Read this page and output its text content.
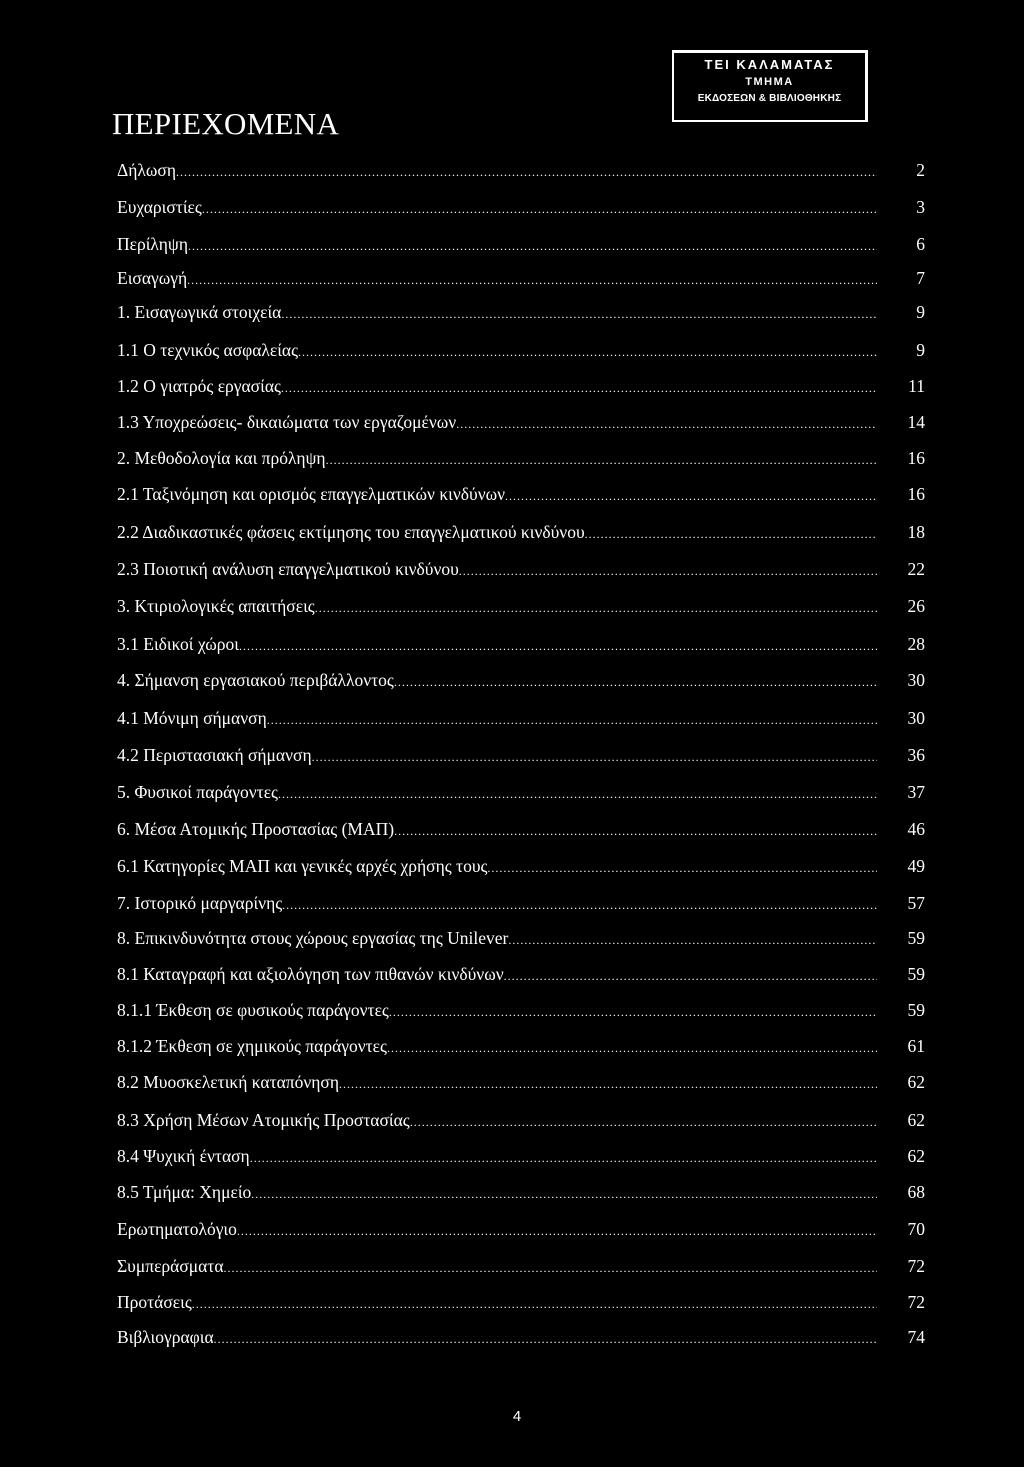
ΠΕΡΙΕΧΟΜΕΝΑ
ΤΕΙ ΚΑΛΑΜΑΤΑΣ
ΤΜΗΜΑ
ΕΚΔΟΣΕΩΝ & ΒΙΒΛΙΟΘΗΚΗΣ
Δήλωση .....	2
Ευχαριστίες .....	3
Περίληψη .....	6
Εισαγωγή .....	7
1. Εισαγωγικά στοιχεία .....	9
1.1 Ο τεχνικός ασφαλείας .....	9
1.2 Ο γιατρός εργασίας .....	11
1.3 Υποχρεώσεις- δικαιώματα των εργαζομένων .....	14
2. Μεθοδολογία και πρόληψη .....	16
2.1 Ταξινόμηση και ορισμός επαγγελματικών κινδύνων .....	16
2.2 Διαδικαστικές φάσεις εκτίμησης του επαγγελματικού κινδύνου .....	18
2.3 Ποιοτική ανάλυση επαγγελματικού κινδύνου .....	22
3. Κτιριολογικές απαιτήσεις .....	26
3.1 Ειδικοί χώροι .....	28
4. Σήμανση εργασιακού περιβάλλοντος .....	30
4.1 Μόνιμη σήμανση .....	30
4.2 Περιστασιακή σήμανση .....	36
5. Φυσικοί παράγοντες .....	37
6. Μέσα Ατομικής Προστασίας (ΜΑΠ) .....	46
6.1 Κατηγορίες ΜΑΠ και γενικές αρχές χρήσης τους .....	49
7. Ιστορικό μαργαρίνης .....	57
8. Επικινδυνότητα στους χώρους εργασίας της Unilever .....	59
8.1 Καταγραφή και αξιολόγηση των πιθανών κινδύνων .....	59
8.1.1 Έκθεση σε φυσικούς παράγοντες .....	59
8.1.2 Έκθεση σε χημικούς παράγοντες .....	61
8.2 Μυοσκελετική καταπόνηση .....	62
8.3 Χρήση Μέσων Ατομικής Προστασίας .....	62
8.4 Ψυχική ένταση .....	62
8.5 Τμήμα: Χημείο .....	68
Ερωτηματολόγιο .....	70
Συμπεράσματα .....	72
Προτάσεις .....	72
Βιβλιογραφια .....	74
4
